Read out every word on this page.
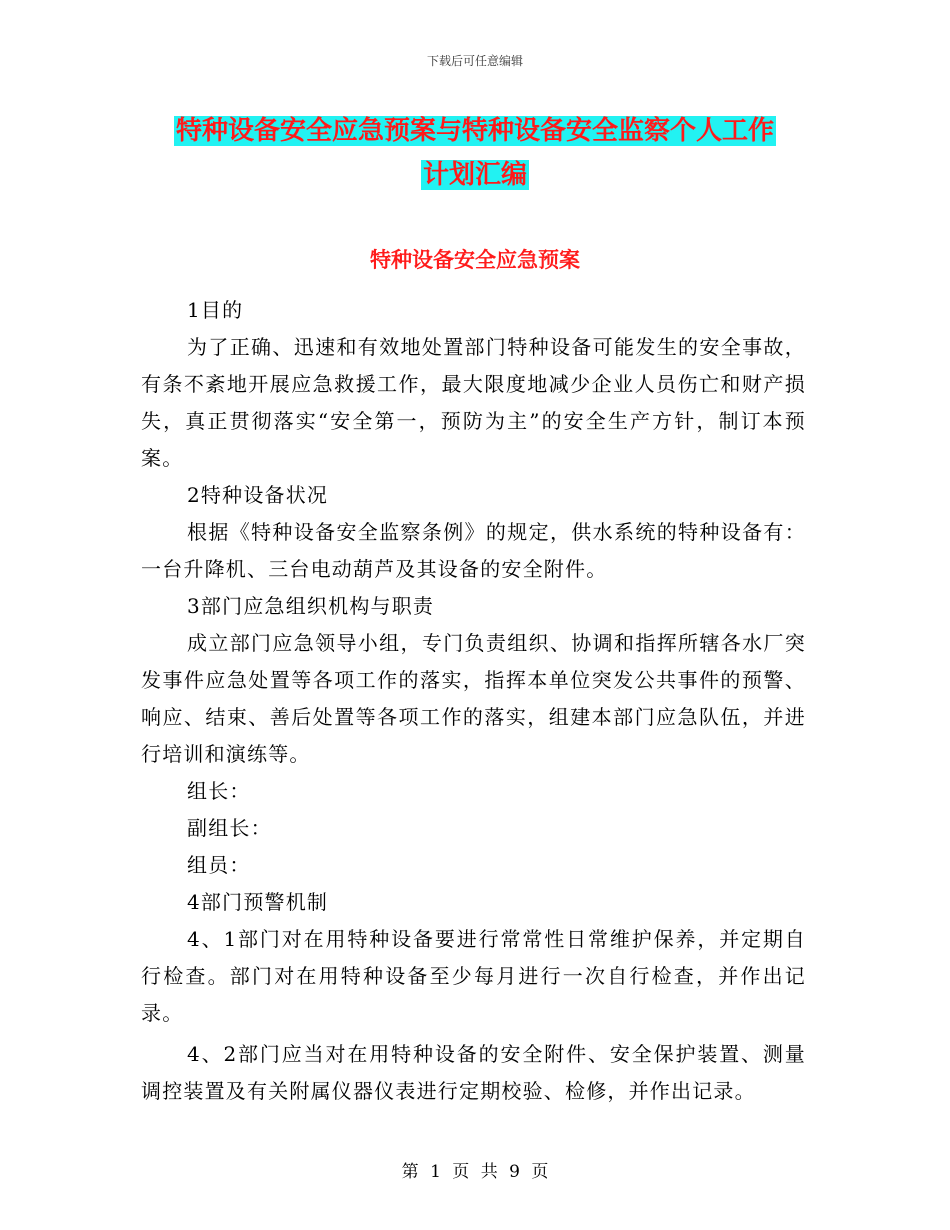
下载后可任意编辑
特种设备安全应急预案与特种设备安全监察个人工作
计划汇编
特种设备安全应急预案

1目的

为了正确、迅速和有效地处置部门特种设备可能发生的安全事故，有条不紊地开展应急救援工作，最大限度地减少企业人员伤亡和财产损失，真正贯彻落实“安全第一，预防为主”的安全生产方针，制订本预案。

2特种设备状况

根据《特种设备安全监察条例》的规定，供水系统的特种设备有：一台升降机、三台电动葫芦及其设备的安全附件。

3部门应急组织机构与职责

成立部门应急领导小组，专门负责组织、协调和指挥所辖各水厂突发事件应急处置等各项工作的落实，指挥本单位突发公共事件的预警、响应、结束、善后处置等各项工作的落实，组建本部门应急队伍，并进行培训和演练等。

组长：

副组长：

组员：

4部门预警机制

4、1部门对在用特种设备要进行常常性日常维护保养，并定期自行检查。部门对在用特种设备至少每月进行一次自行检查，并作出记录。

4、2部门应当对在用特种设备的安全附件、安全保护装置、测量调控装置及有关附属仪器仪表进行定期校验、检修，并作出记录。

第 1 页 共 9 页
